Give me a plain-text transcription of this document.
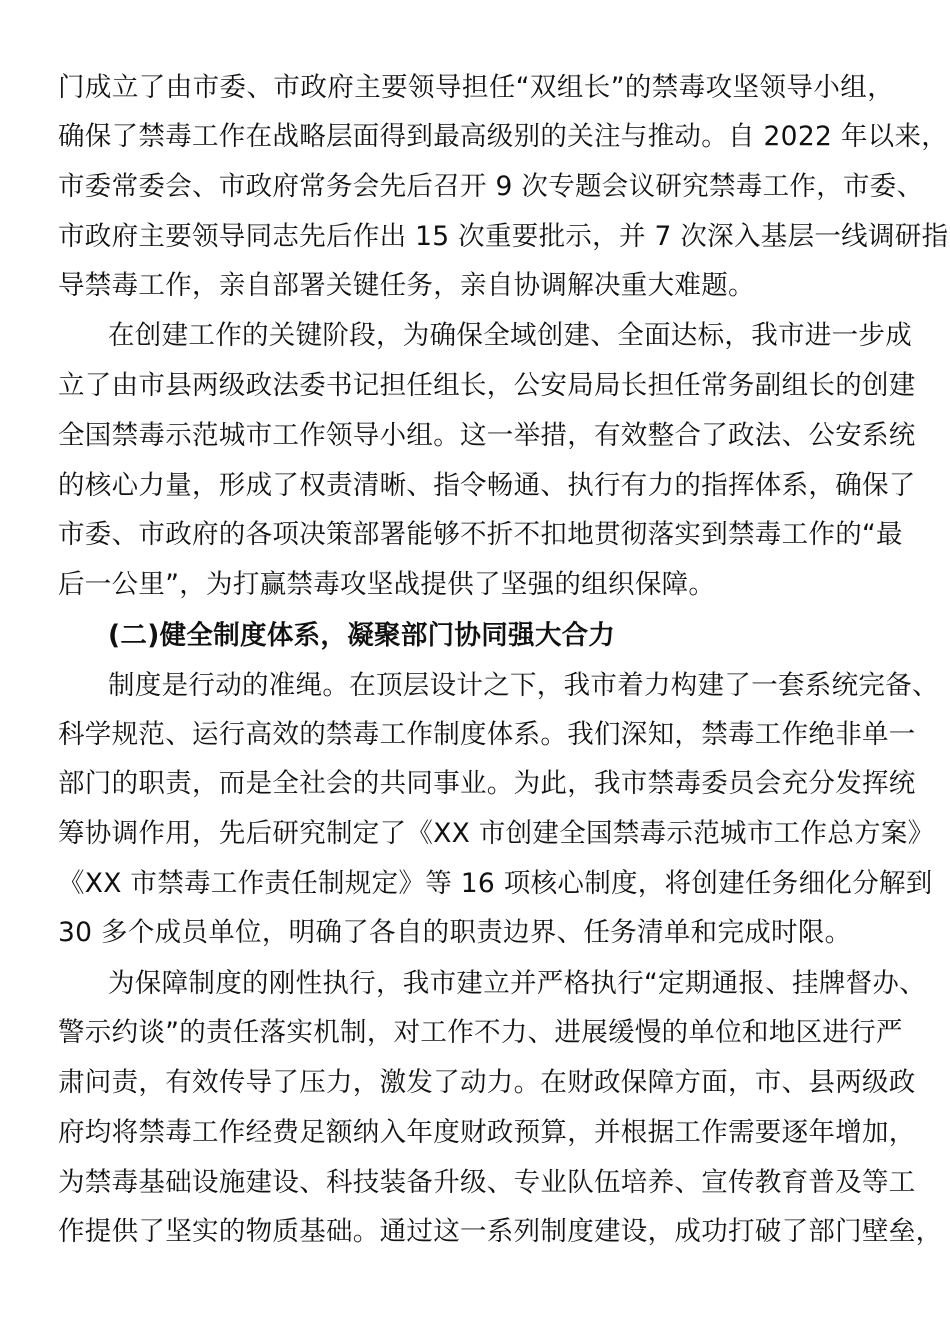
门成立了由市委、市政府主要领导担任“双组长”的禁毒攻坚领导小组，
确保了禁毒工作在战略层面得到最高级别的关注与推动。自 2022 年以来，
市委常委会、市政府常务会先后召开 9 次专题会议研究禁毒工作，市委、
市政府主要领导同志先后作出 15 次重要批示，并 7 次深入基层一线调研指
导禁毒工作，亲自部署关键任务，亲自协调解决重大难题。
在创建工作的关键阶段，为确保全域创建、全面达标，我市进一步成
立了由市县两级政法委书记担任组长，公安局局长担任常务副组长的创建
全国禁毒示范城市工作领导小组。这一举措，有效整合了政法、公安系统
的核心力量，形成了权责清晰、指令畅通、执行有力的指挥体系，确保了
市委、市政府的各项决策部署能够不折不扣地贯彻落实到禁毒工作的“最
后一公里”，为打赢禁毒攻坚战提供了坚强的组织保障。
(二)健全制度体系，凝聚部门协同强大合力
制度是行动的准绳。在顶层设计之下，我市着力构建了一套系统完备、
科学规范、运行高效的禁毒工作制度体系。我们深知，禁毒工作绝非单一
部门的职责，而是全社会的共同事业。为此，我市禁毒委员会充分发挥统
筹协调作用，先后研究制定了《XX 市创建全国禁毒示范城市工作总方案》
《XX 市禁毒工作责任制规定》等 16 项核心制度，将创建任务细化分解到
30 多个成员单位，明确了各自的职责边界、任务清单和完成时限。
为保障制度的刚性执行，我市建立并严格执行“定期通报、挂牌督办、
警示约谈”的责任落实机制，对工作不力、进展缓慢的单位和地区进行严
肃问责，有效传导了压力，激发了动力。在财政保障方面，市、县两级政
府均将禁毒工作经费足额纳入年度财政预算，并根据工作需要逐年增加，
为禁毒基础设施建设、科技装备升级、专业队伍培养、宣传教育普及等工
作提供了坚实的物质基础。通过这一系列制度建设，成功打破了部门壁垒，
